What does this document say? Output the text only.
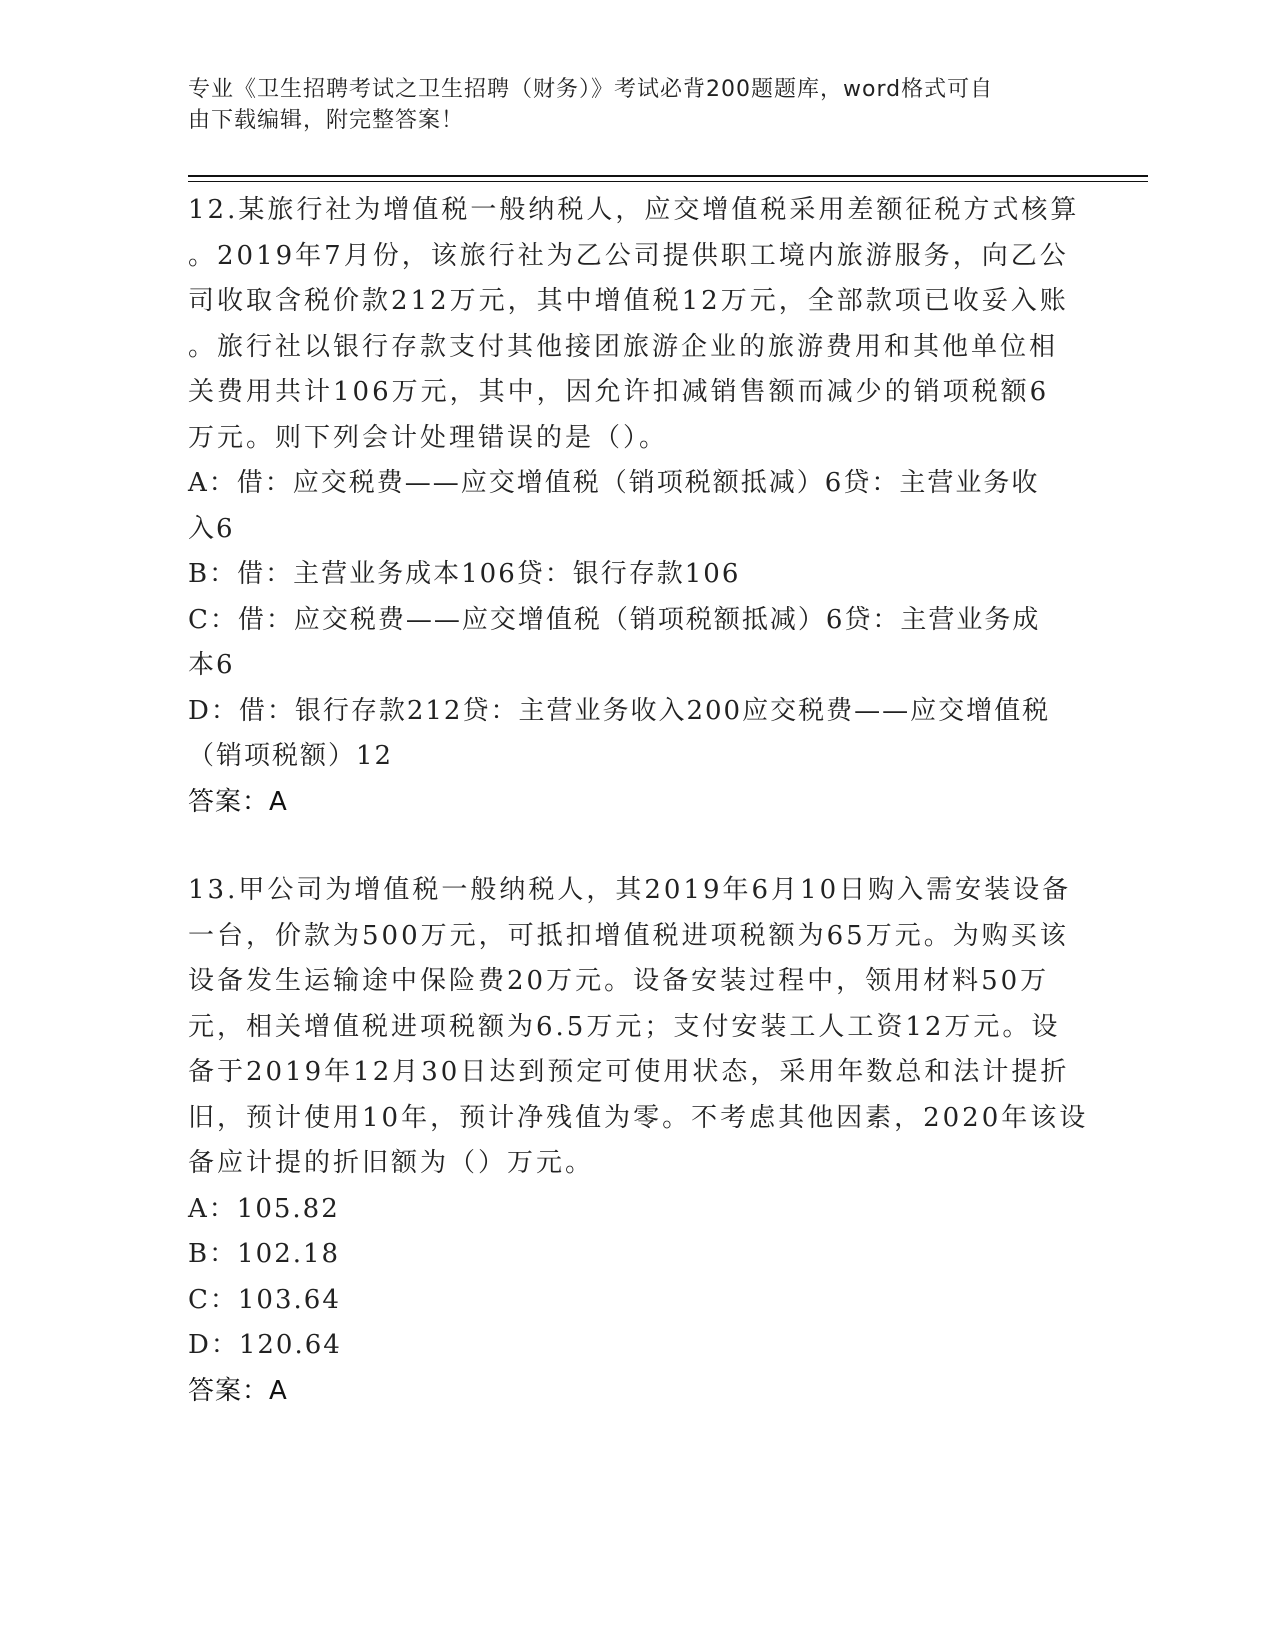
专业《卫生招聘考试之卫生招聘（财务）》考试必背200题题库，word格式可自
由下载编辑，附完整答案！
12.某旅行社为增值税一般纳税人，应交增值税采用差额征税方式核算
。2019年7月份，该旅行社为乙公司提供职工境内旅游服务，向乙公
司收取含税价款212万元，其中增值税12万元，全部款项已收妥入账
。旅行社以银行存款支付其他接团旅游企业的旅游费用和其他单位相
关费用共计106万元，其中，因允许扣减销售额而减少的销项税额6
万元。则下列会计处理错误的是（）。
A：借：应交税费——应交增值税（销项税额抵减）6贷：主营业务收
入6
B：借：主营业务成本106贷：银行存款106
C：借：应交税费——应交增值税（销项税额抵减）6贷：主营业务成
本6
D：借：银行存款212贷：主营业务收入200应交税费——应交增值税
（销项税额）12
答案：A
13.甲公司为增值税一般纳税人，其2019年6月10日购入需安装设备
一台，价款为500万元，可抵扣增值税进项税额为65万元。为购买该
设备发生运输途中保险费20万元。设备安装过程中，领用材料50万
元，相关增值税进项税额为6.5万元；支付安装工人工资12万元。设
备于2019年12月30日达到预定可使用状态，采用年数总和法计提折
旧，预计使用10年，预计净残值为零。不考虑其他因素，2020年该设
备应计提的折旧额为（）万元。
A：105.82
B：102.18
C：103.64
D：120.64
答案：A
